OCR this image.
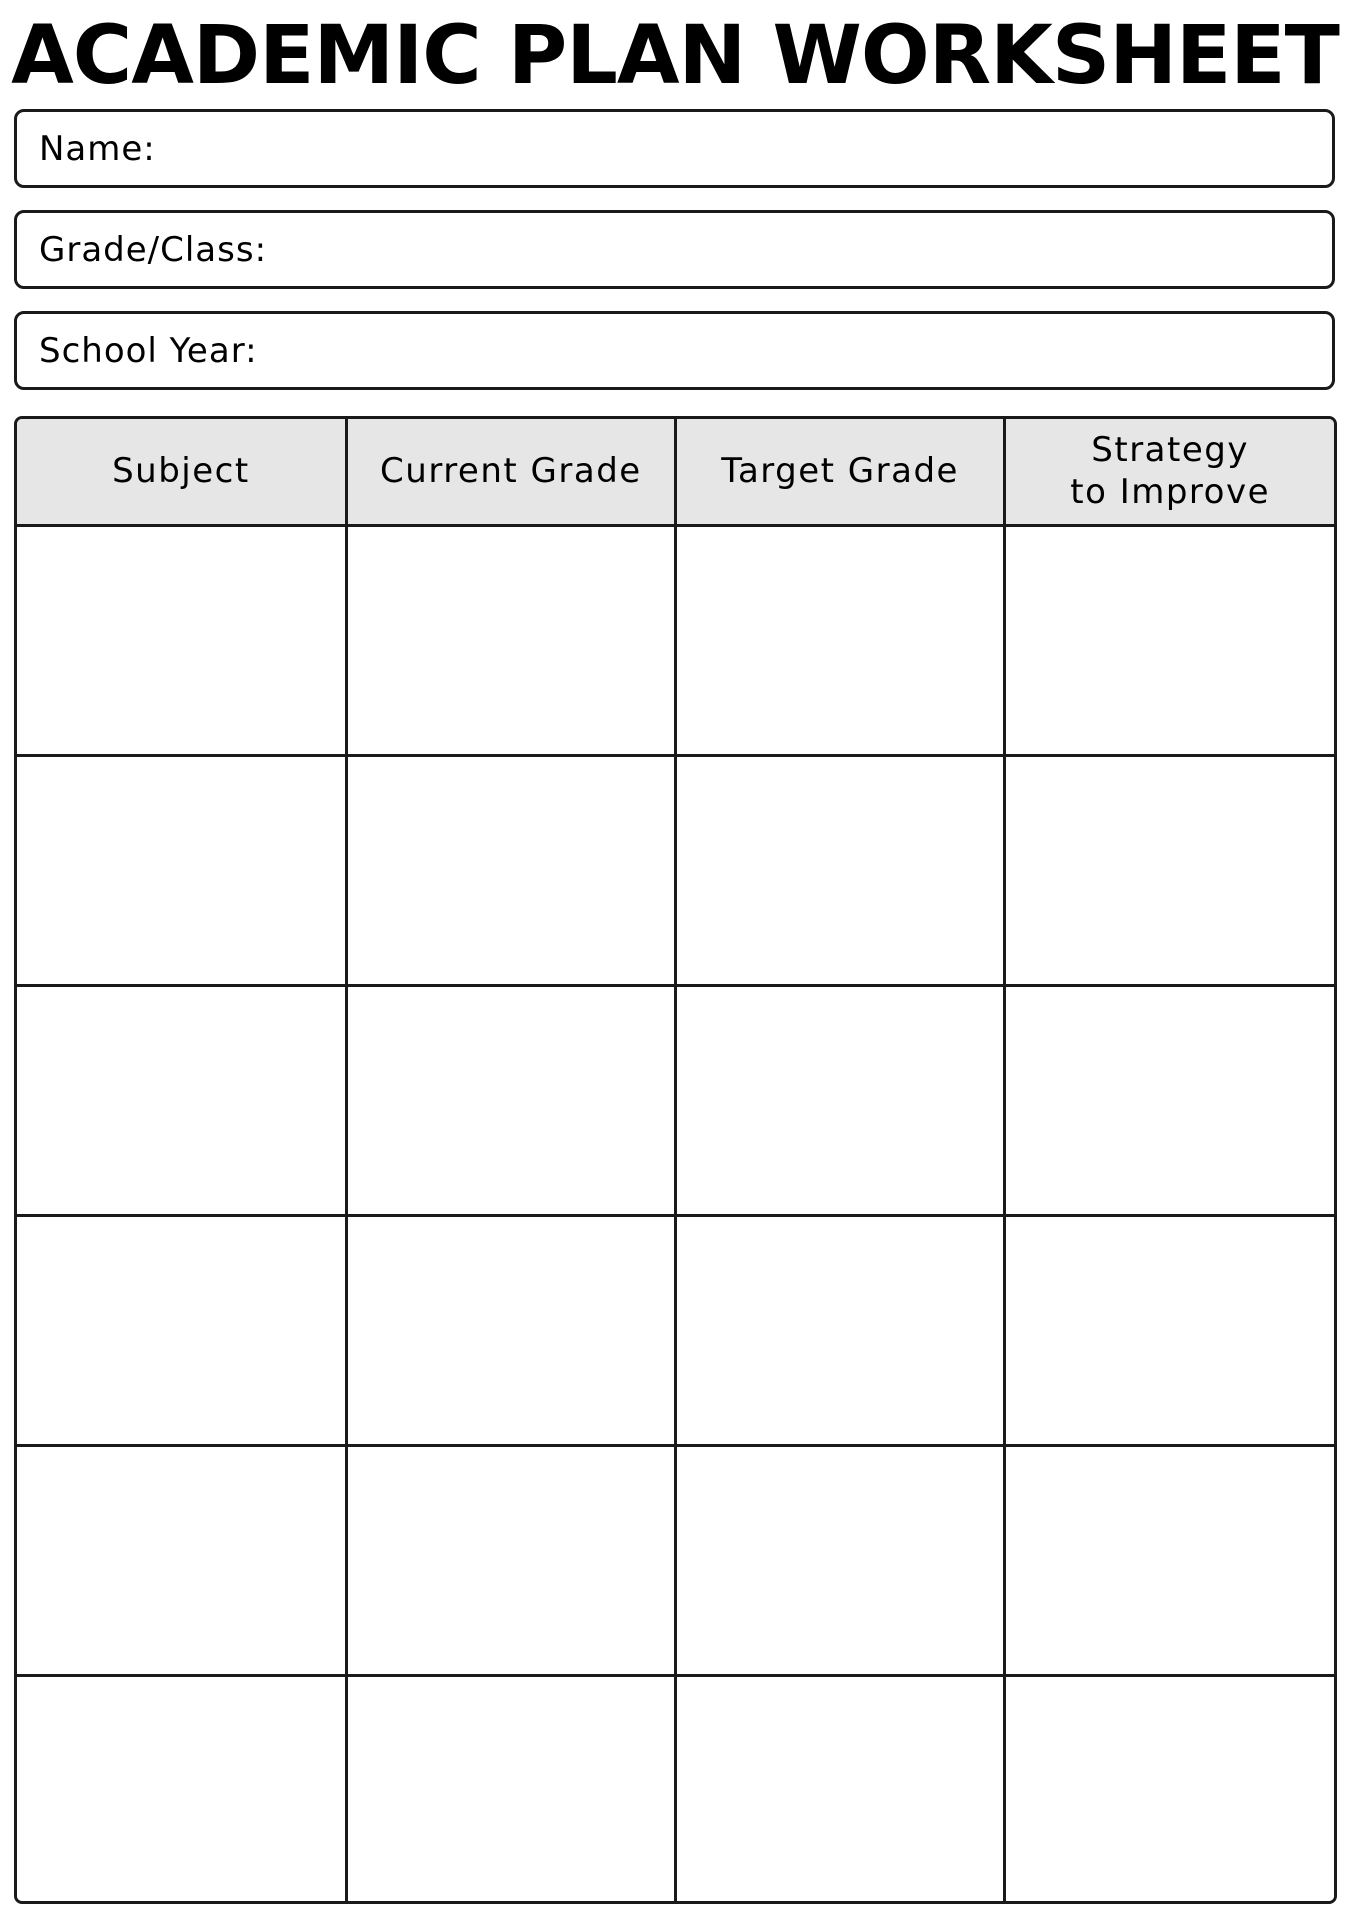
ACADEMIC PLAN WORKSHEET
Name:
Grade/Class:
School Year:
Subject	Current Grade	Target Grade	Strategy
to Improve
